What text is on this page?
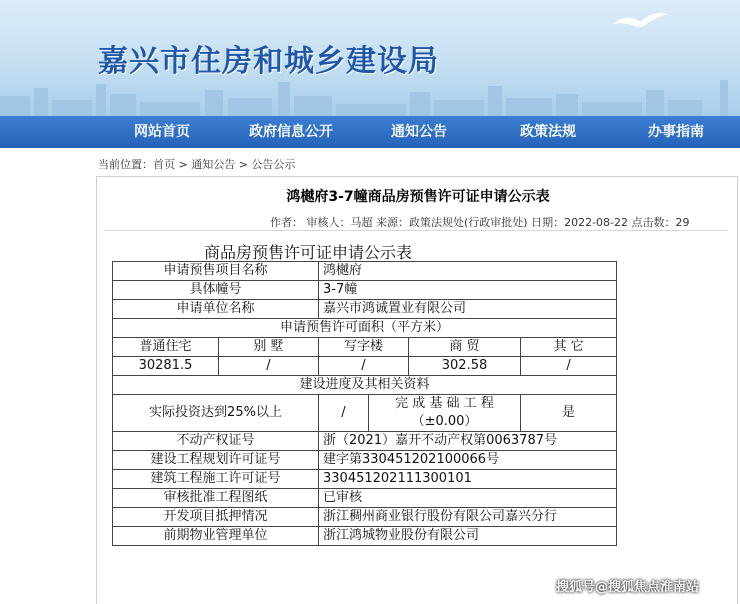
嘉兴市住房和城乡建设局
网站首页	政府信息公开	通知公告	政策法规	办事指南
当前位置：首页 > 通知公告 > 公告公示
鸿樾府3-7幢商品房预售许可证申请公示表
作者： 审核人：马超 来源：政策法规处(行政审批处) 日期：2022-08-22 点击数：29
商品房预售许可证申请公示表
申请预售项目名称		鸿樾府			
具体幢号		3-7幢			
申请单位名称		嘉兴市鸿诚置业有限公司			
申请预售许可面积（平方米）					
普通住宅	别 墅	写字楼		商 贸	其 它
30281.5	/	/		302.58	/
建设进度及其相关资料					
实际投资达到25%以上		/	完 成 基 础 工 程 （±0.00）		是
不动产权证号		浙（2021）嘉开不动产权第0063787号			
建设工程规划许可证号		建字第330451202100066号			
建筑工程施工许可证号		330451202111300101			
审核批准工程图纸		已审核			
开发项目抵押情况		浙江稠州商业银行股份有限公司嘉兴分行			
前期物业管理单位		浙江鸿城物业股份有限公司			
搜狐号@搜狐焦点淮南站
